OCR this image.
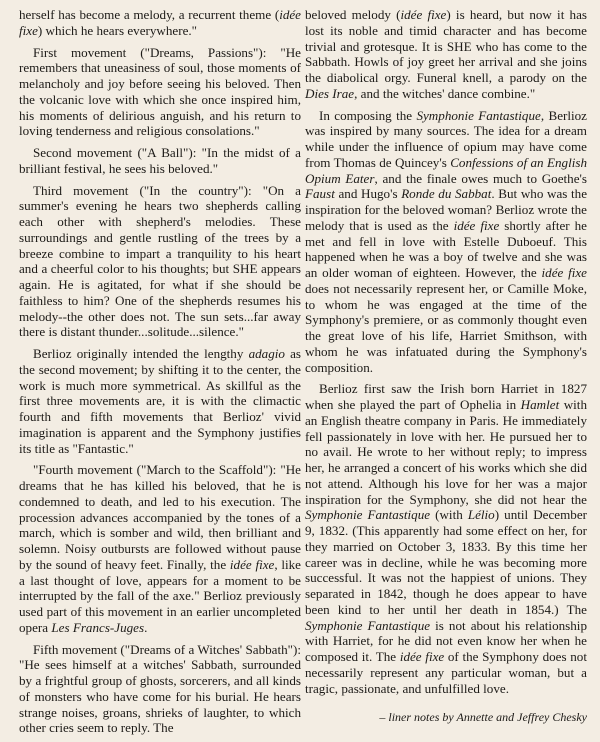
herself has become a melody, a recurrent theme (idée fixe) which he hears everywhere."

First movement ("Dreams, Passions"): "He remembers that uneasiness of soul, those moments of melancholy and joy before seeing his beloved. Then the volcanic love with which she once inspired him, his moments of delirious anguish, and his return to loving tenderness and religious consolations."

Second movement ("A Ball"): "In the midst of a brilliant festival, he sees his beloved."

Third movement ("In the country"): "On a summer's evening he hears two shepherds calling each other with shepherd's melodies. These surroundings and gentle rustling of the trees by a breeze combine to impart a tranquility to his heart and a cheerful color to his thoughts; but SHE appears again. He is agitated, for what if she should be faithless to him? One of the shepherds resumes his melody--the other does not. The sun sets...far away there is distant thunder...solitude...silence."

Berlioz originally intended the lengthy adagio as the second movement; by shifting it to the center, the work is much more symmetrical. As skillful as the first three movements are, it is with the climactic fourth and fifth movements that Berlioz' vivid imagination is apparent and the Symphony justifies its title as "Fantastic."

"Fourth movement ("March to the Scaffold"): "He dreams that he has killed his beloved, that he is condemned to death, and led to his execution. The procession advances accompanied by the tones of a march, which is somber and wild, then brilliant and solemn. Noisy outbursts are followed without pause by the sound of heavy feet. Finally, the idée fixe, like a last thought of love, appears for a moment to be interrupted by the fall of the axe." Berlioz previously used part of this movement in an earlier uncompleted opera Les Francs-Juges.

Fifth movement ("Dreams of a Witches' Sabbath"): "He sees himself at a witches' Sabbath, surrounded by a frightful group of ghosts, sorcerers, and all kinds of monsters who have come for his burial. He hears strange noises, groans, shrieks of laughter, to which other cries seem to reply. The

beloved melody (idée fixe) is heard, but now it has lost its noble and timid character and has become trivial and grotesque. It is SHE who has come to the Sabbath. Howls of joy greet her arrival and she joins the diabolical orgy. Funeral knell, a parody on the Dies Irae, and the witches' dance combine."

In composing the Symphonie Fantastique, Berlioz was inspired by many sources. The idea for a dream while under the influence of opium may have come from Thomas de Quincey's Confessions of an English Opium Eater, and the finale owes much to Goethe's Faust and Hugo's Ronde du Sabbat. But who was the inspiration for the beloved woman? Berlioz wrote the melody that is used as the idée fixe shortly after he met and fell in love with Estelle Duboeuf. This happened when he was a boy of twelve and she was an older woman of eighteen. However, the idée fixe does not necessarily represent her, or Camille Moke, to whom he was engaged at the time of the Symphony's premiere, or as commonly thought even the great love of his life, Harriet Smithson, with whom he was infatuated during the Symphony's composition.

Berlioz first saw the Irish born Harriet in 1827 when she played the part of Ophelia in Hamlet with an English theatre company in Paris. He immediately fell passionately in love with her. He pursued her to no avail. He wrote to her without reply; to impress her, he arranged a concert of his works which she did not attend. Although his love for her was a major inspiration for the Symphony, she did not hear the Symphonie Fantastique (with Lélio) until December 9, 1832. (This apparently had some effect on her, for they married on October 3, 1833. By this time her career was in decline, while he was becoming more successful. It was not the happiest of unions. They separated in 1842, though he does appear to have been kind to her until her death in 1854.) The Symphonie Fantastique is not about his relationship with Harriet, for he did not even know her when he composed it. The idée fixe of the Symphony does not necessarily represent any particular woman, but a tragic, passionate, and unfulfilled love.

– liner notes by Annette and Jeffrey Chesky
